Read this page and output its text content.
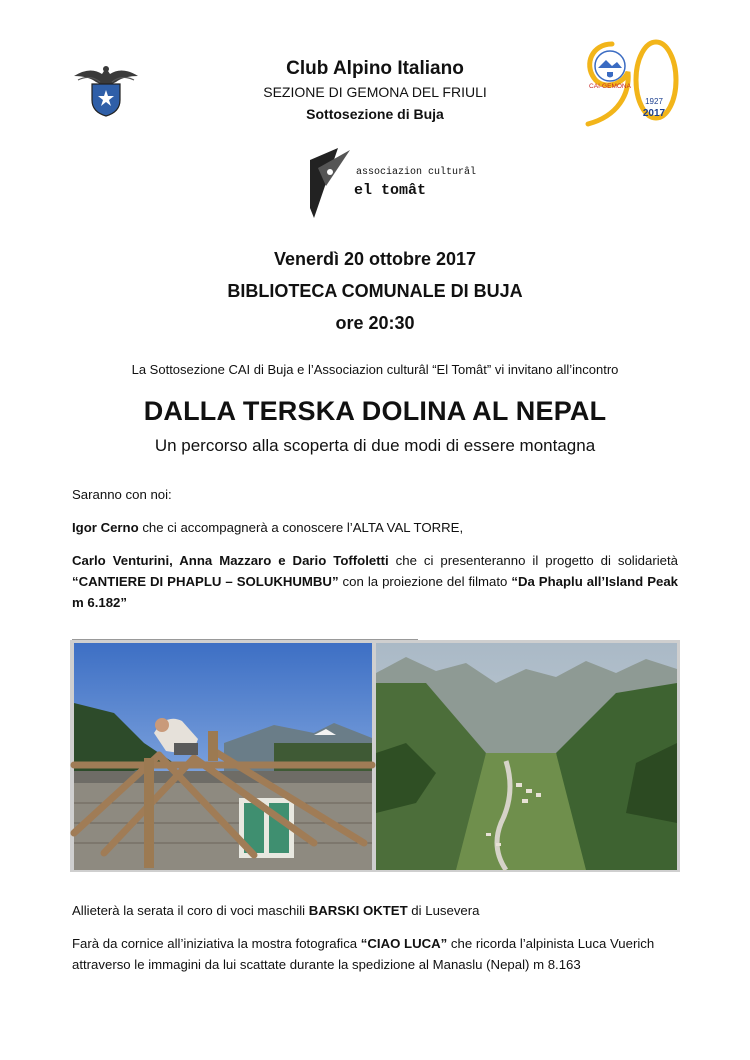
CAI-GEMONA
1927
2017
Club Alpino Italiano
SEZIONE DI GEMONA DEL FRIULI
Sottosezione di Buja
associazion culturâl
el tomât
Venerdì 20 ottobre 2017
BIBLIOTECA COMUNALE DI BUJA
ore 20:30
La Sottosezione CAI di Buja e l’Associazion culturâl “El Tomât” vi invitano all’incontro
DALLA TERSKA DOLINA AL NEPAL
Un percorso alla scoperta di due modi di essere montagna
Saranno con noi:
Igor Cerno che ci accompagnerà a conoscere l’ALTA VAL TORRE,
Carlo Venturini, Anna Mazzaro e Dario Toffoletti che ci presenteranno il progetto di solidarietà “CANTIERE DI PHAPLU – SOLUKHUMBU” con la proiezione del filmato “Da Phaplu all’Island Peak m 6.182”
Allieterà la serata il coro di voci maschili BARSKI OKTET di Lusevera
Farà da cornice all’iniziativa la mostra fotografica “CIAO LUCA” che ricorda l’alpinista Luca Vuerich attraverso le immagini da lui scattate durante la spedizione al Manaslu (Nepal) m 8.163
